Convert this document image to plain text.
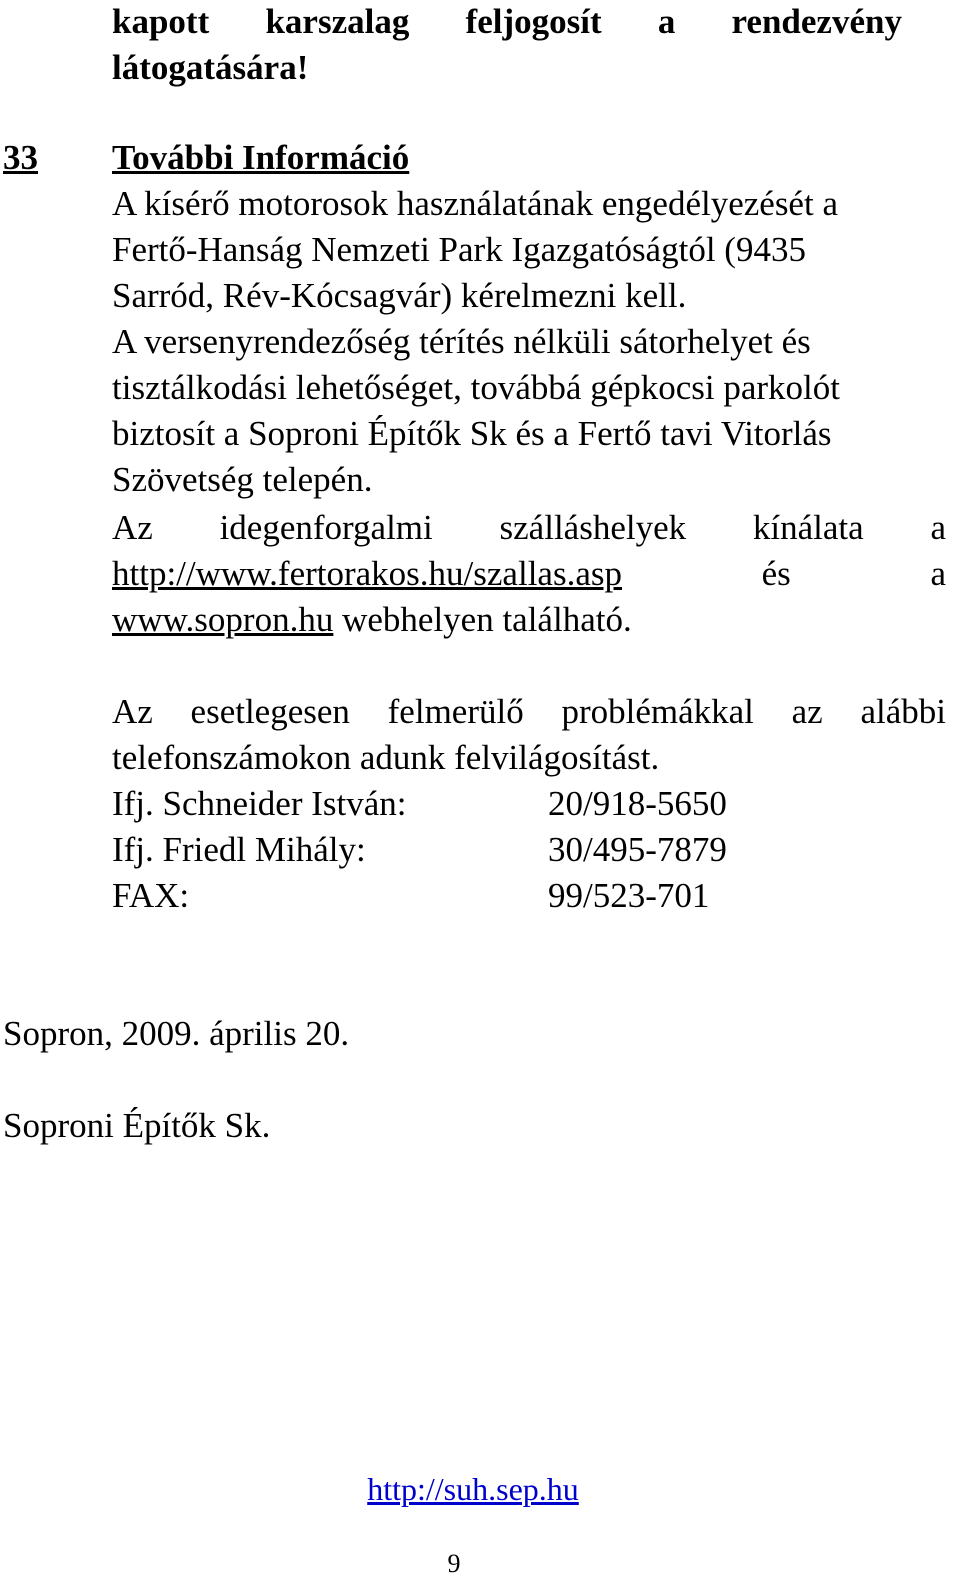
kapott karszalag feljogosít a rendezvény
látogatására!
33	További Információ
A kísérő motorosok használatának engedélyezését a
Fertő-Hanság Nemzeti Park Igazgatóságtól (9435
Sarród, Rév-Kócsagvár) kérelmezni kell.
A versenyrendezőség térítés nélküli sátorhelyet és
tisztálkodási lehetőséget, továbbá gépkocsi parkolót
biztosít a Soproni Építők Sk és a Fertő tavi Vitorlás
Szövetség telepén.
Az idegenforgalmi szálláshelyek kínálata a
http://www.fertorakos.hu/szallas.asp	és	a
www.sopron.hu webhelyen található.
Az esetlegesen felmerülő problémákkal az alábbi
telefonszámokon adunk felvilágosítást.
Ifj. Schneider István:	20/918-5650
Ifj. Friedl Mihály:	30/495-7879
FAX:	99/523-701
Sopron, 2009. április 20.
Soproni Építők Sk.
http://suh.sep.hu
9
